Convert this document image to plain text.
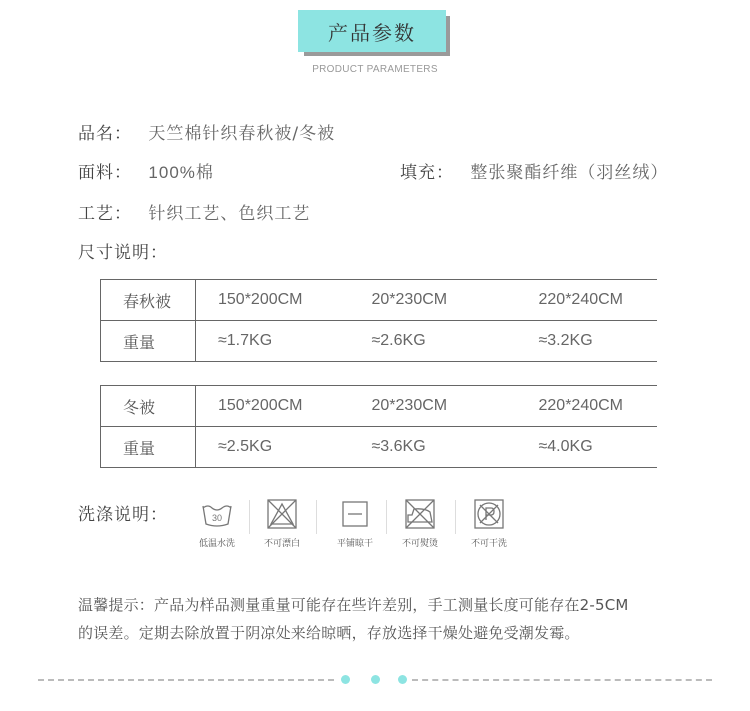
产品参数
PRODUCT PARAMETERS
品名： 天竺棉针织春秋被/冬被
面料： 100%棉	填充： 整张聚酯纤维（羽丝绒）
工艺： 针织工艺、色织工艺
尺寸说明：
春秋被	150*200CM	20*230CM	220*240CM
重量	≈1.7KG	≈2.6KG	≈3.2KG
冬被	150*200CM	20*230CM	220*240CM
重量	≈2.5KG	≈3.6KG	≈4.0KG
洗涤说明：	30
低温水洗	不可漂白	平铺晾干	不可熨烫	不可干洗
温馨提示：产品为样品测量重量可能存在些许差别，手工测量长度可能存在2-5CM
的误差。定期去除放置于阴凉处来给晾晒，存放选择干燥处避免受潮发霉。
